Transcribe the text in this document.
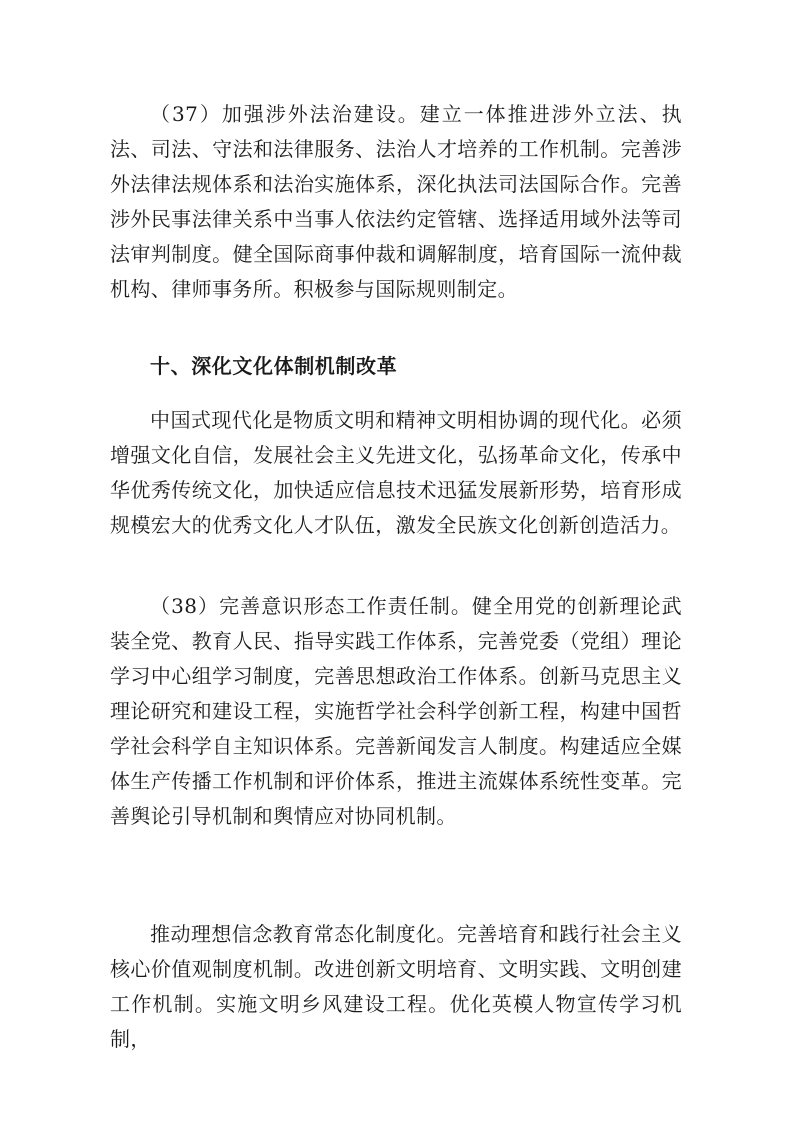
（37）加强涉外法治建设。建立一体推进涉外立法、执法、司法、守法和法律服务、法治人才培养的工作机制。完善涉外法律法规体系和法治实施体系，深化执法司法国际合作。完善涉外民事法律关系中当事人依法约定管辖、选择适用域外法等司法审判制度。健全国际商事仲裁和调解制度，培育国际一流仲裁机构、律师事务所。积极参与国际规则制定。

十、深化文化体制机制改革

中国式现代化是物质文明和精神文明相协调的现代化。必须增强文化自信，发展社会主义先进文化，弘扬革命文化，传承中华优秀传统文化，加快适应信息技术迅猛发展新形势，培育形成规模宏大的优秀文化人才队伍，激发全民族文化创新创造活力。

（38）完善意识形态工作责任制。健全用党的创新理论武装全党、教育人民、指导实践工作体系，完善党委（党组）理论学习中心组学习制度，完善思想政治工作体系。创新马克思主义理论研究和建设工程，实施哲学社会科学创新工程，构建中国哲学社会科学自主知识体系。完善新闻发言人制度。构建适应全媒体生产传播工作机制和评价体系，推进主流媒体系统性变革。完善舆论引导机制和舆情应对协同机制。

推动理想信念教育常态化制度化。完善培育和践行社会主义核心价值观制度机制。改进创新文明培育、文明实践、文明创建工作机制。实施文明乡风建设工程。优化英模人物宣传学习机制，
